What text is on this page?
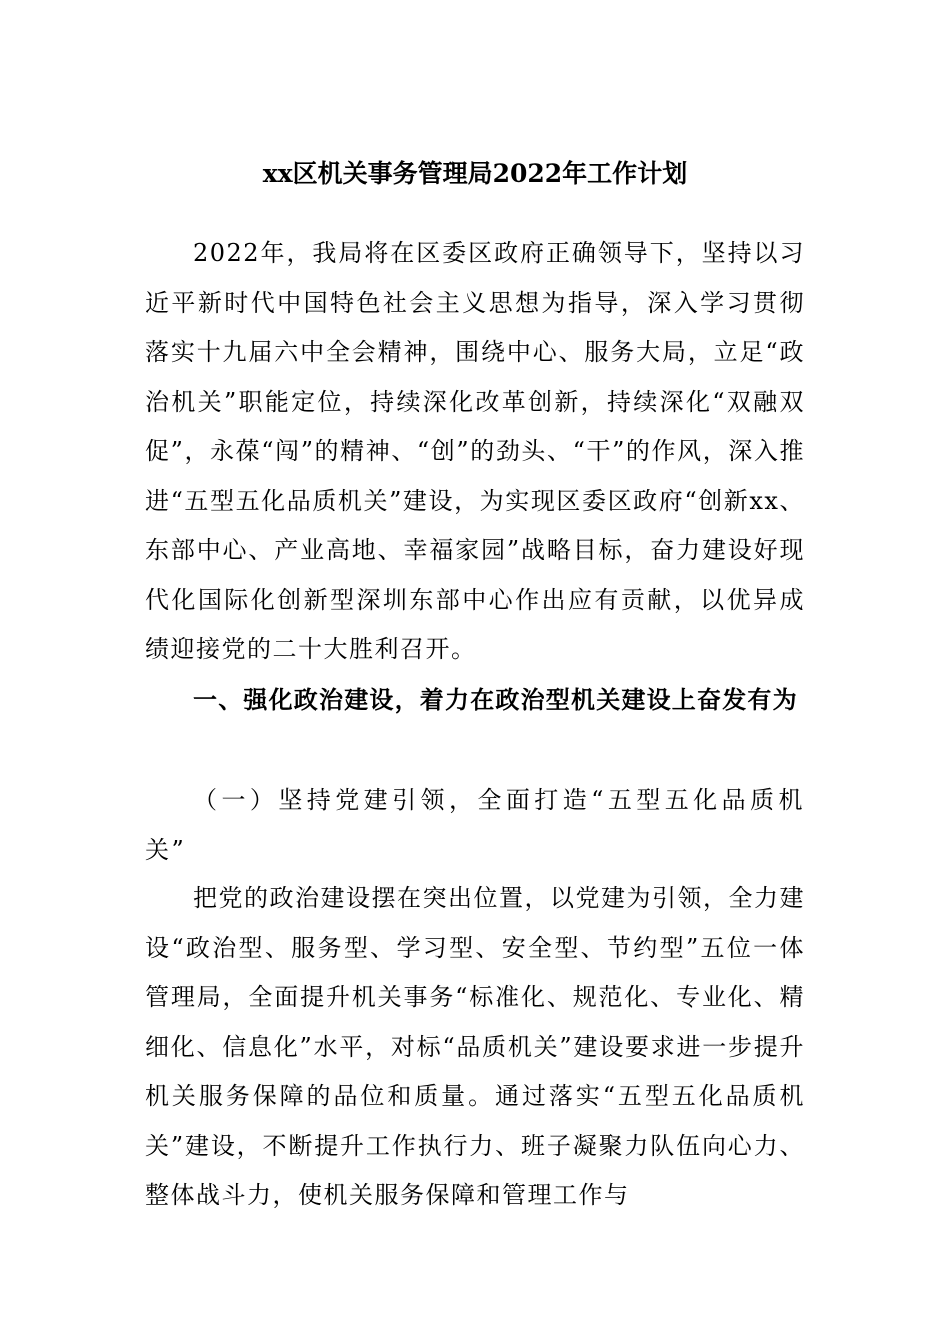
xx区机关事务管理局2022年工作计划

2022年，我局将在区委区政府正确领导下，坚持以习近平新时代中国特色社会主义思想为指导，深入学习贯彻落实十九届六中全会精神，围绕中心、服务大局，立足“政治机关”职能定位，持续深化改革创新，持续深化“双融双促”，永葆“闯”的精神、“创”的劲头、“干”的作风，深入推进“五型五化品质机关”建设，为实现区委区政府“创新xx、东部中心、产业高地、幸福家园”战略目标，奋力建设好现代化国际化创新型深圳东部中心作出应有贡献，以优异成绩迎接党的二十大胜利召开。

一、强化政治建设，着力在政治型机关建设上奋发有为

（一）坚持党建引领，全面打造“五型五化品质机关”

把党的政治建设摆在突出位置，以党建为引领，全力建设“政治型、服务型、学习型、安全型、节约型”五位一体管理局，全面提升机关事务“标准化、规范化、专业化、精细化、信息化”水平，对标“品质机关”建设要求进一步提升机关服务保障的品位和质量。通过落实“五型五化品质机关”建设，不断提升工作执行力、班子凝聚力队伍向心力、整体战斗力，使机关服务保障和管理工作与
